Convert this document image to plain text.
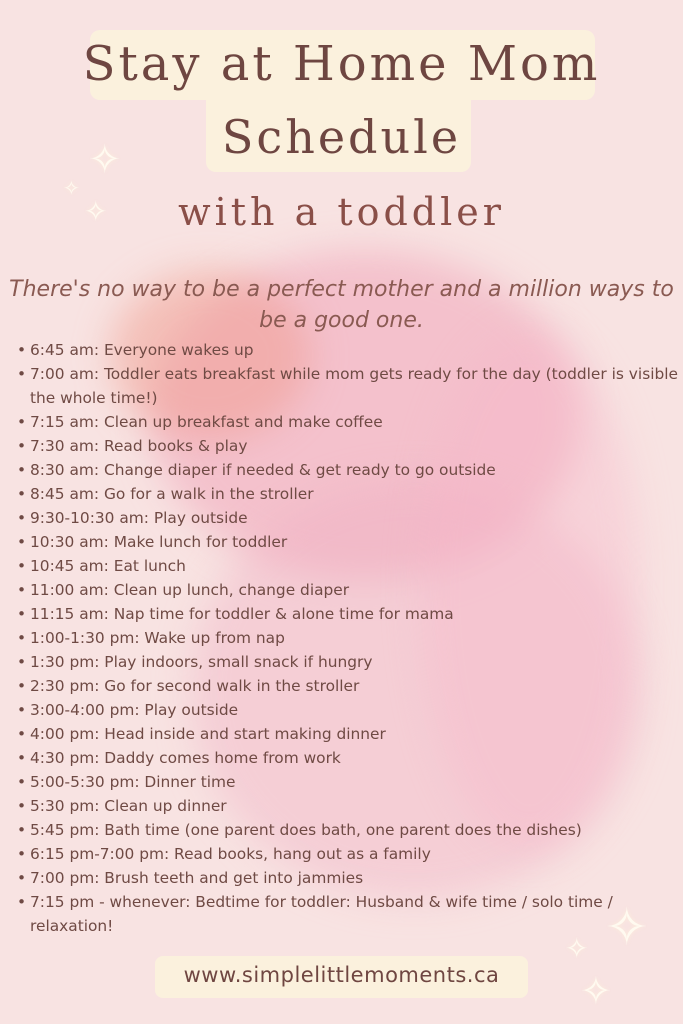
Stay at Home Mom
Schedule
with a toddler
✧
✧
✧
✧
✧
✧
There's no way to be a perfect mother and a million ways to be a good one.
• 6:45 am: Everyone wakes up
• 7:00 am: Toddler eats breakfast while mom gets ready for the day (toddler is visible the whole time!)
• 7:15 am: Clean up breakfast and make coffee
• 7:30 am: Read books & play
• 8:30 am: Change diaper if needed & get ready to go outside
• 8:45 am: Go for a walk in the stroller
• 9:30-10:30 am: Play outside
• 10:30 am: Make lunch for toddler
• 10:45 am: Eat lunch
• 11:00 am: Clean up lunch, change diaper
• 11:15 am: Nap time for toddler & alone time for mama
• 1:00-1:30 pm: Wake up from nap
• 1:30 pm: Play indoors, small snack if hungry
• 2:30 pm: Go for second walk in the stroller
• 3:00-4:00 pm: Play outside
• 4:00 pm: Head inside and start making dinner
• 4:30 pm: Daddy comes home from work
• 5:00-5:30 pm: Dinner time
• 5:30 pm: Clean up dinner
• 5:45 pm: Bath time (one parent does bath, one parent does the dishes)
• 6:15 pm-7:00 pm: Read books, hang out as a family
• 7:00 pm: Brush teeth and get into jammies
• 7:15 pm - whenever: Bedtime for toddler: Husband & wife time / solo time / relaxation!
www.simplelittlemoments.ca
